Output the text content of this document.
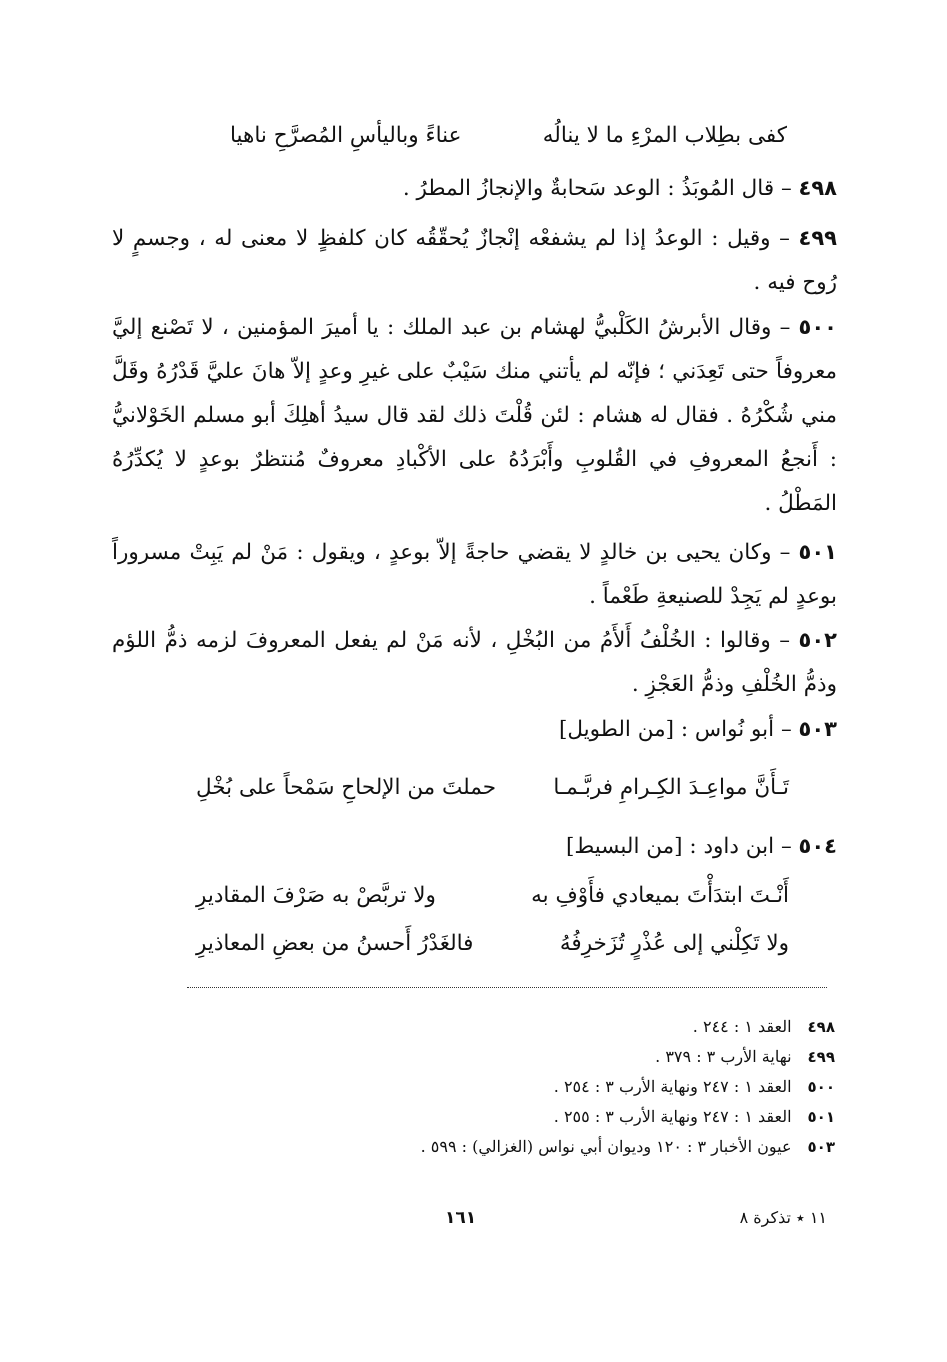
كفى بطِلاب المرْءِ ما لا ينالُه
عناءً وباليأسِ المُصرَّحِ ناهيا
٤٩٨ – قال المُوبَذُ : الوعد سَحابةٌ والإنجازُ المطرُ .
٤٩٩ – وقيل : الوعدُ إذا لم يشفعْه إنْجازٌ يُحقّقُه كان كلفظٍ لا معنى له ، وجسمٍ لا رُوح فيه .
٥٠٠ – وقال الأبرشُ الكَلْبيُّ لهشام بن عبد الملك : يا أميرَ المؤمنين ، لا تَصْنع إليَّ معروفاً حتى تَعِدَني ؛ فإنّه لم يأتني منك سَيْبٌ على غيرِ وعدٍ إلاّ هانَ عليَّ قَدْرُهُ وقَلَّ مني شُكْرُهُ . فقال له هشام : لئن قُلْتَ ذلك لقد قال سيدُ أهلِكَ أبو مسلم الخَوْلانيُّ : أَنجعُ المعروفِ في القُلوبِ وأَبْرَدُهُ على الأكْبادِ معروفٌ مُنتظرٌ بوعدٍ لا يُكدِّرُهُ المَطْلُ .
٥٠١ – وكان يحيى بن خالدٍ لا يقضي حاجةً إلاّ بوعدٍ ، ويقول : مَنْ لم يَبِتْ مسروراً بوعدٍ لم يَجِدْ للصنيعةِ طَعْماً .
٥٠٢ – وقالوا : الخُلْفُ أَلأَمُ من البُخْلِ ، لأنه مَنْ لم يفعل المعروفَ لزمه ذمُّ اللؤم وذمُّ الخُلْفِ وذمُّ العَجْزِ .
٥٠٣ – أبو نُواس : [من الطويل]
تَـأَنَّ مواعِـدَ الكِـرامِ فربَّـمـا
حملتَ من الإلحاحِ سَمْحاً على بُخْلِ
٥٠٤ – ابن داود : [من البسيط]
أَنْـتَ ابتدَأْتَ بميعادي فأَوْفِ به
ولا تربَّصْ به صَرْفَ المقاديرِ
ولا تَكِلْني إلى عُذْرٍ تُزَخرِفُهُ
فالغَدْرُ أَحسنُ من بعضِ المعاذيرِ
٤٩٨العقد ١ : ٢٤٤ .
٤٩٩نهاية الأرب ٣ : ٣٧٩ .
٥٠٠العقد ١ : ٢٤٧ ونهاية الأرب ٣ : ٢٥٤ .
٥٠١العقد ١ : ٢٤٧ ونهاية الأرب ٣ : ٢٥٥ .
٥٠٣عيون الأخبار ٣ : ١٢٠ وديوان أبي نواس (الغزالي) : ٥٩٩ .
١١ ٭ تذكرة ٨
١٦١
